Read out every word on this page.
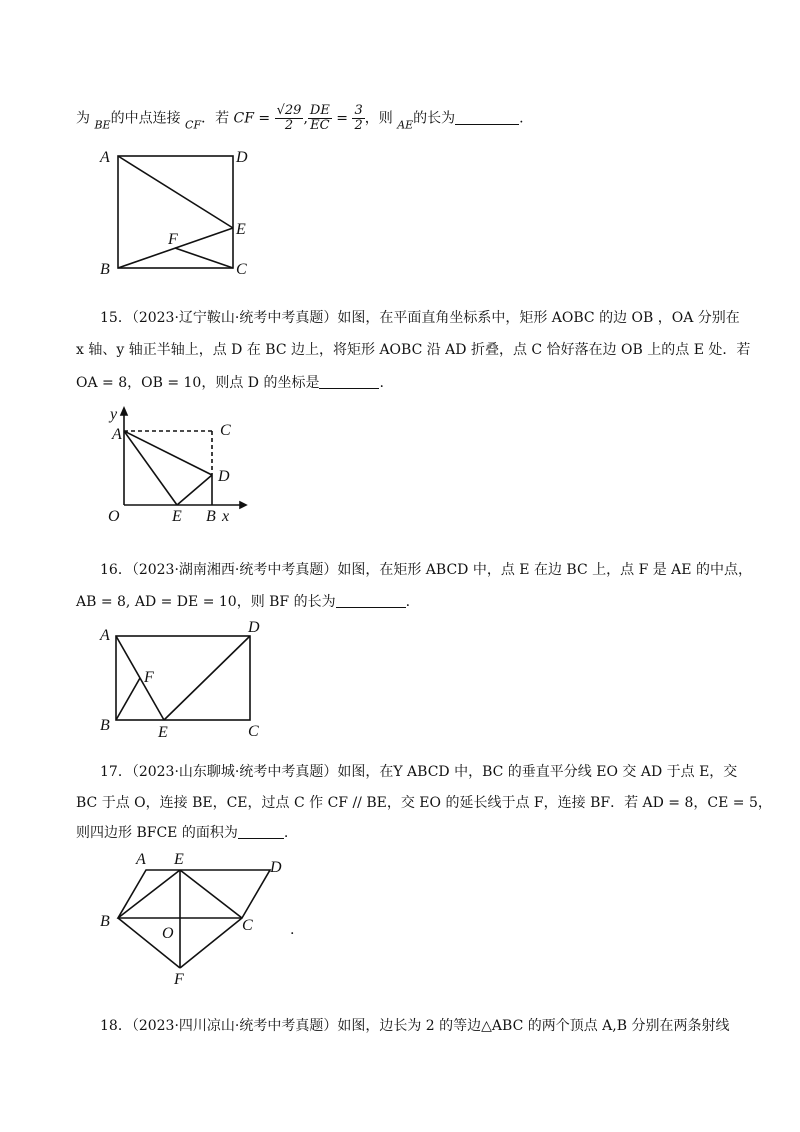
为 $_{BE}$的中点连接 $_{CF}$．若 CF = $\frac{√29}{2}$ , $\frac{DE}{EC} = \frac{3}{2}$ ，则 $_{AE}$的长为	.
A	D
E
F
B	C
15．（2023·辽宁鞍山·统考中考真题）如图，在平面直角坐标系中，矩形 AOBC 的边 OB ，OA 分别在
x 轴、y 轴正半轴上，点 D 在 BC 边上，将矩形 AOBC 沿 AD 折叠，点 C 恰好落在边 OB 上的点 E 处．若
OA = 8，OB = 10，则点 D 的坐标是	.
y
A	C
D
O	E B x
16．（2023·湖南湘西·统考中考真题）如图，在矩形 ABCD 中，点 E 在边 BC 上，点 F 是 AE 的中点，
AB = 8, AD = DE = 10，则 BF 的长为	.
A	D
F
B	E	C
17．（2023·山东聊城·统考中考真题）如图，在Y ABCD 中，BC 的垂直平分线 EO 交 AD 于点 E，交
BC 于点 O，连接 BE，CE，过点 C 作 CF // BE，交 EO 的延长线于点 F，连接 BF．若 AD = 8，CE = 5，
则四边形 BFCE 的面积为	.
A E	D
B
O	C
F
.
18．（2023·四川凉山·统考中考真题）如图，边长为 2 的等边△ABC 的两个顶点 A,B 分别在两条射线
